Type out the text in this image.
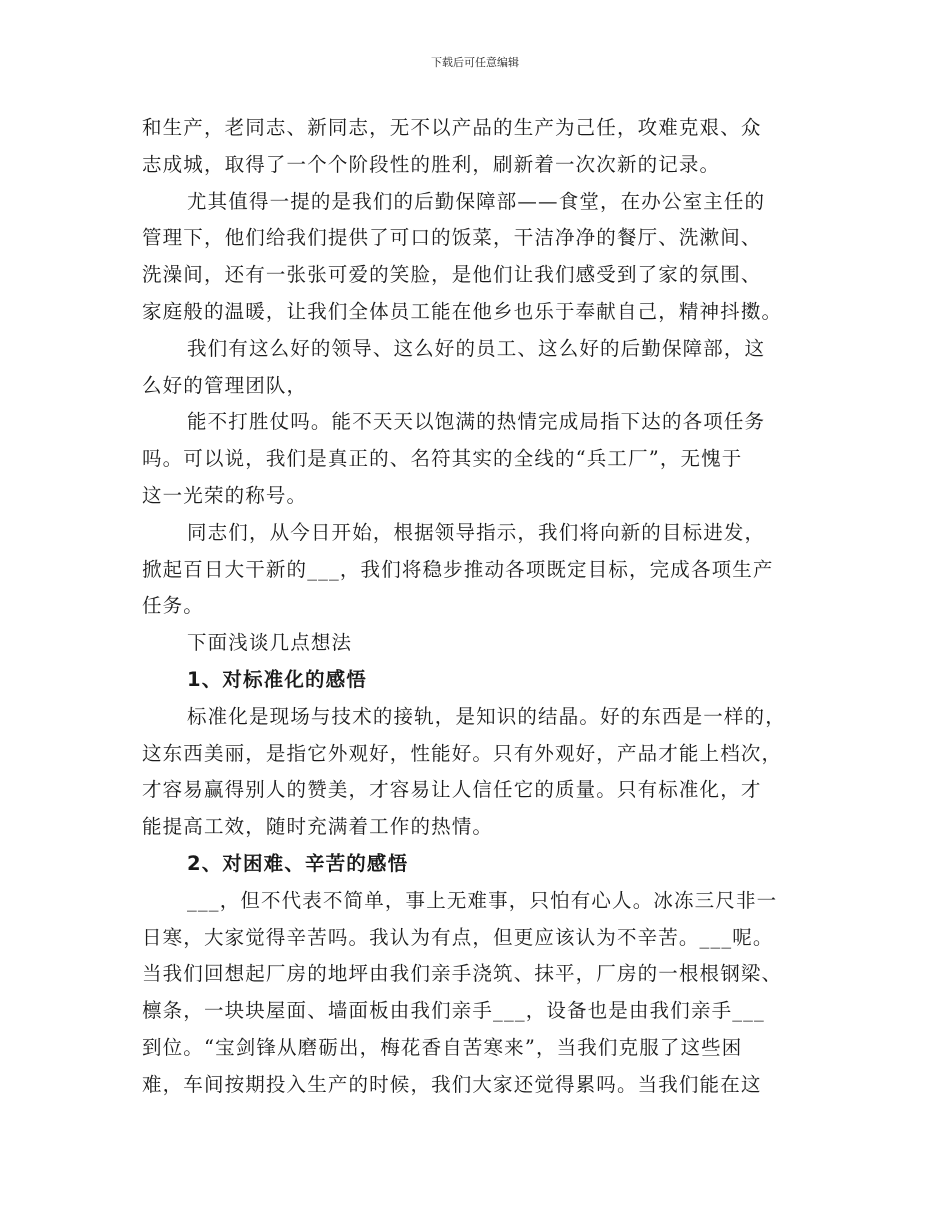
下载后可任意编辑
和生产，老同志、新同志，无不以产品的生产为己任，攻难克艰、众
志成城，取得了一个个阶段性的胜利，刷新着一次次新的记录。
尤其值得一提的是我们的后勤保障部——食堂，在办公室主任的
管理下，他们给我们提供了可口的饭菜，干洁净净的餐厅、洗漱间、
洗澡间，还有一张张可爱的笑脸，是他们让我们感受到了家的氛围、
家庭般的温暖，让我们全体员工能在他乡也乐于奉献自己，精神抖擞。
我们有这么好的领导、这么好的员工、这么好的后勤保障部，这
么好的管理团队，
能不打胜仗吗。能不天天以饱满的热情完成局指下达的各项任务
吗。可以说，我们是真正的、名符其实的全线的“兵工厂”，无愧于
这一光荣的称号。
同志们，从今日开始，根据领导指示，我们将向新的目标进发，
掀起百日大干新的___，我们将稳步推动各项既定目标，完成各项生产
任务。
下面浅谈几点想法
1、对标准化的感悟
标准化是现场与技术的接轨，是知识的结晶。好的东西是一样的，
这东西美丽，是指它外观好，性能好。只有外观好，产品才能上档次，
才容易赢得别人的赞美，才容易让人信任它的质量。只有标准化，才
能提高工效，随时充满着工作的热情。
2、对困难、辛苦的感悟
___，但不代表不简单，事上无难事，只怕有心人。冰冻三尺非一
日寒，大家觉得辛苦吗。我认为有点，但更应该认为不辛苦。___呢。
当我们回想起厂房的地坪由我们亲手浇筑、抹平，厂房的一根根钢梁、
檩条，一块块屋面、墙面板由我们亲手___，设备也是由我们亲手___
到位。“宝剑锋从磨砺出，梅花香自苦寒来”，当我们克服了这些困
难，车间按期投入生产的时候，我们大家还觉得累吗。当我们能在这
